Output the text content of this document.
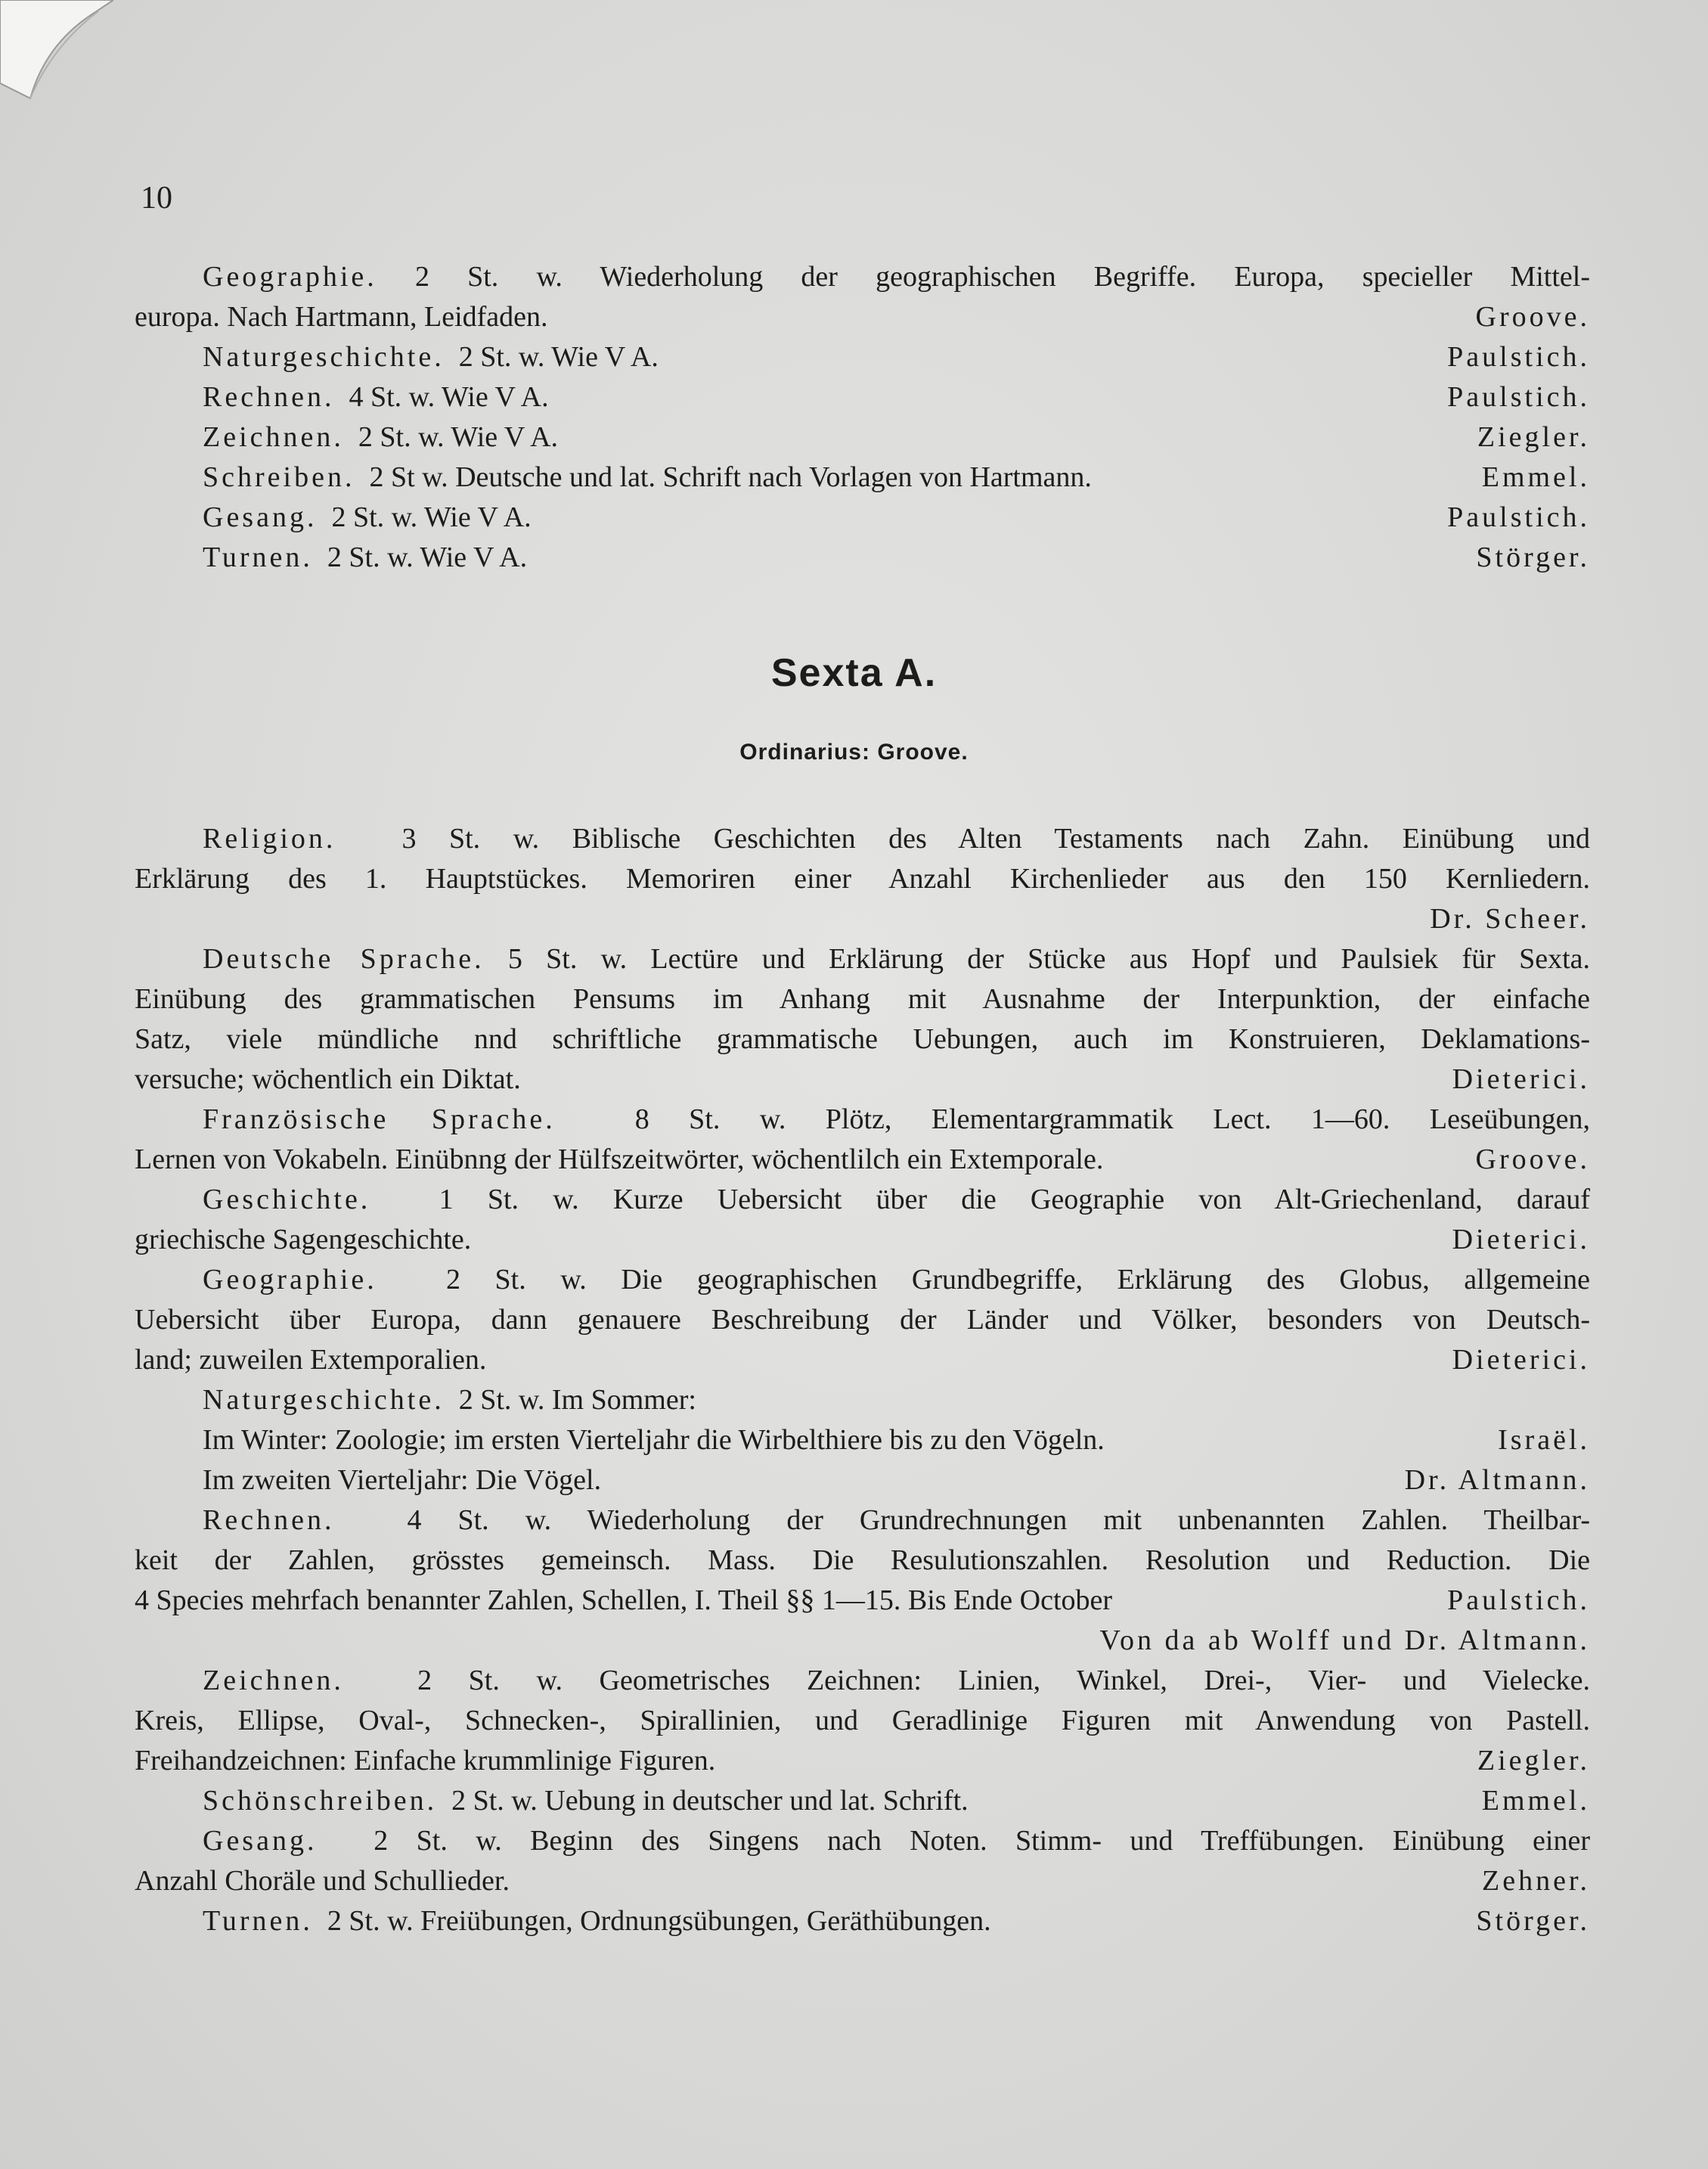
10
Geographie. 2 St. w. Wiederholung der geographischen Begriffe. Europa, specieller Mittel-
europa. Nach Hartmann, Leidfaden.	Groove.
Naturgeschichte. 2 St. w. Wie V A.	Paulstich.
Rechnen. 4 St. w. Wie V A.	Paulstich.
Zeichnen. 2 St. w. Wie V A.	Ziegler.
Schreiben. 2 St w. Deutsche und lat. Schrift nach Vorlagen von Hartmann.	Emmel.
Gesang. 2 St. w. Wie V A.	Paulstich.
Turnen. 2 St. w. Wie V A.	Störger.
Sexta A.
Ordinarius: Groove.
Religion. 3 St. w. Biblische Geschichten des Alten Testaments nach Zahn. Einübung und
Erklärung des 1. Hauptstückes. Memoriren einer Anzahl Kirchenlieder aus den 150 Kernliedern.
Dr. Scheer.
Deutsche Sprache. 5 St. w. Lectüre und Erklärung der Stücke aus Hopf und Paulsiek für Sexta.
Einübung des grammatischen Pensums im Anhang mit Ausnahme der Interpunktion, der einfache
Satz, viele mündliche nnd schriftliche grammatische Uebungen, auch im Konstruieren, Deklamations-
versuche; wöchentlich ein Diktat.	Dieterici.
Französische Sprache.	8 St. w. Plötz, Elementargrammatik Lect. 1—60. Leseübungen,
Lernen von Vokabeln. Einübnng der Hülfszeitwörter, wöchentlilch ein Extemporale.	Groove.
Geschichte. 1 St. w. Kurze Uebersicht über die Geographie von Alt-Griechenland, darauf
griechische Sagengeschichte.	Dieterici.
Geographie. 2 St. w. Die geographischen Grundbegriffe, Erklärung des Globus, allgemeine
Uebersicht über Europa, dann genauere Beschreibung der Länder und Völker, besonders von Deutsch-
land; zuweilen Extemporalien.	Dieterici.
Naturgeschichte.
2 St. w. Im Sommer:
Im Winter: Zoologie; im ersten Vierteljahr die Wirbelthiere bis zu den Vögeln.	Israël.
Im zweiten Vierteljahr: Die Vögel.	Dr. Altmann.
Rechnen.	4 St. w. Wiederholung der Grundrechnungen mit unbenannten Zahlen. Theilbar-
keit der Zahlen, grösstes gemeinsch. Mass. Die Resulutionszahlen. Resolution und Reduction. Die
4 Species mehrfach benannter Zahlen, Schellen, I. Theil §§ 1—15. Bis Ende October	Paulstich.
Von da ab Wolff und Dr. Altmann.
Zeichnen.	2 St. w. Geometrisches Zeichnen: Linien, Winkel, Drei-, Vier- und Vielecke.
Kreis, Ellipse, Oval-, Schnecken-, Spirallinien, und Geradlinige Figuren mit Anwendung von Pastell.
Freihandzeichnen: Einfache krummlinige Figuren.	Ziegler.
Schönschreiben. 2 St. w. Uebung in deutscher und lat. Schrift.	Emmel.
Gesang. 2 St. w. Beginn des Singens nach Noten. Stimm- und Treffübungen. Einübung einer
Anzahl Choräle und Schullieder.	Zehner.
Turnen. 2 St. w. Freiübungen, Ordnungsübungen, Geräthübungen.	Störger.
